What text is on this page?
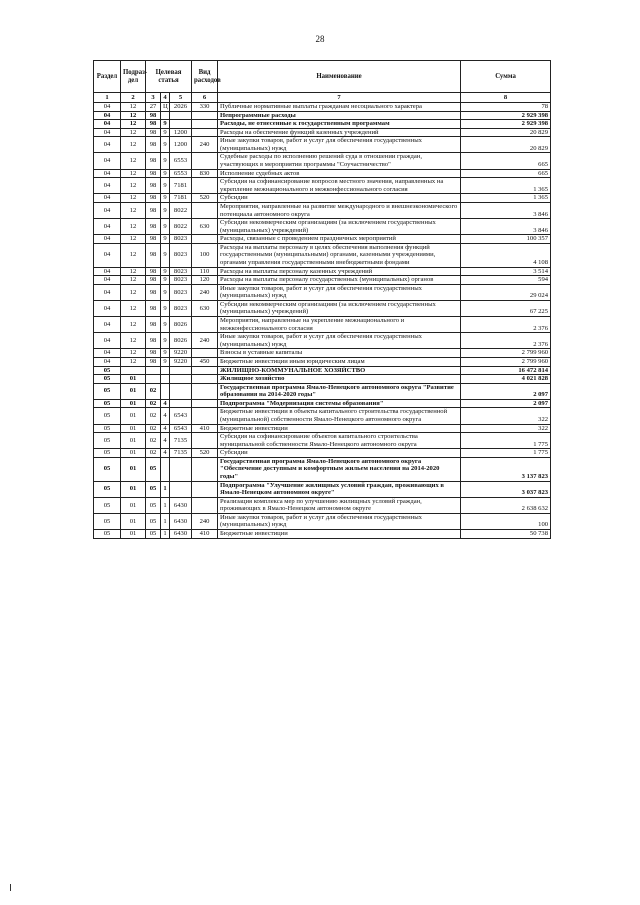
28
Раздел	Подраз-дел	Целевая статья			Вид расходов	Наименование	Сумма
1	2	3	4	5	6	7	8
04	12	27	Ц	2026	330	Публичные нормативные выплаты гражданам несоциального характера	78
04	12	98				Непрограммные расходы	2 929 398
04	12	98	9			Расходы, не отнесенные к государственным программам	2 929 398
04	12	98	9	1200		Расходы на обеспечение функций казенных учреждений	20 829
04	12	98	9	1200	240	Иные закупки товаров, работ и услуг для обеспечения государственных (муниципальных) нужд	20 829
04	12	98	9	6553		Судебные расходы по исполнению решений суда в отношении граждан, участвующих в мероприятии программы "Соучастничество"	665
04	12	98	9	6553	830	Исполнение судебных актов	665
04	12	98	9	7181		Субсидия на софинансирование вопросов местного значения, направленных на укрепление межнационального и межконфессионального согласия	1 365
04	12	98	9	7181	520	Субсидии	1 365
04	12	98	9	8022		Мероприятия, направленные на развитие международного и внешнеэкономического потенциала автономного округа	3 846
04	12	98	9	8022	630	Субсидии некоммерческим организациям (за исключением государственных (муниципальных) учреждений)	3 846
04	12	98	9	8023		Расходы, связанные с проведением праздничных мероприятий	100 357
04	12	98	9	8023	100	Расходы на выплаты персоналу в целях обеспечения выполнения функций государственными (муниципальными) органами, казенными учреждениями, органами управления государственными внебюджетными фондами	4 108
04	12	98	9	8023	110	Расходы на выплаты персоналу казенных учреждений	3 514
04	12	98	9	8023	120	Расходы на выплаты персоналу государственных (муниципальных) органов	594
04	12	98	9	8023	240	Иные закупки товаров, работ и услуг для обеспечения государственных (муниципальных) нужд	29 024
04	12	98	9	8023	630	Субсидии некоммерческим организациям (за исключением государственных (муниципальных) учреждений)	67 225
04	12	98	9	8026		Мероприятия, направленные на укрепление межнационального и межконфессионального согласия	2 376
04	12	98	9	8026	240	Иные закупки товаров, работ и услуг для обеспечения государственных (муниципальных) нужд	2 376
04	12	98	9	9220		Взносы в уставные капиталы	2 799 960
04	12	98	9	9220	450	Бюджетные инвестиции иным юридическим лицам	2 799 960
05						ЖИЛИЩНО-КОММУНАЛЬНОЕ ХОЗЯЙСТВО	16 472 814
05	01					Жилищное хозяйство	4 021 828
05	01	02				Государственная программа Ямало-Ненецкого автономного округа "Развитие образования на 2014-2020 годы"	2 097
05	01	02	4			Подпрограмма "Модернизация системы образования"	2 097
05	01	02	4	6543		Бюджетные инвестиции в объекты капитального строительства государственной (муниципальной) собственности Ямало-Ненецкого автономного округа	322
05	01	02	4	6543	410	Бюджетные инвестиции	322
05	01	02	4	7135		Субсидия на софинансирование объектов капитального строительства муниципальной собственности Ямало-Ненецкого автономного округа	1 775
05	01	02	4	7135	520	Субсидии	1 775
05	01	05				Государственная программа Ямало-Ненецкого автономного округа "Обеспечение доступным и комфортным жильем населения на 2014-2020 годы"	3 137 823
05	01	05	1			Подпрограмма "Улучшение жилищных условий граждан, проживающих в Ямало-Ненецком автономном округе"	3 037 823
05	01	05	1	6430		Реализация комплекса мер по улучшению жилищных условий граждан, проживающих в Ямало-Ненецком автономном округе	2 638 632
05	01	05	1	6430	240	Иные закупки товаров, работ и услуг для обеспечения государственных (муниципальных) нужд	100
05	01	05	1	6430	410	Бюджетные инвестиции	50 738
